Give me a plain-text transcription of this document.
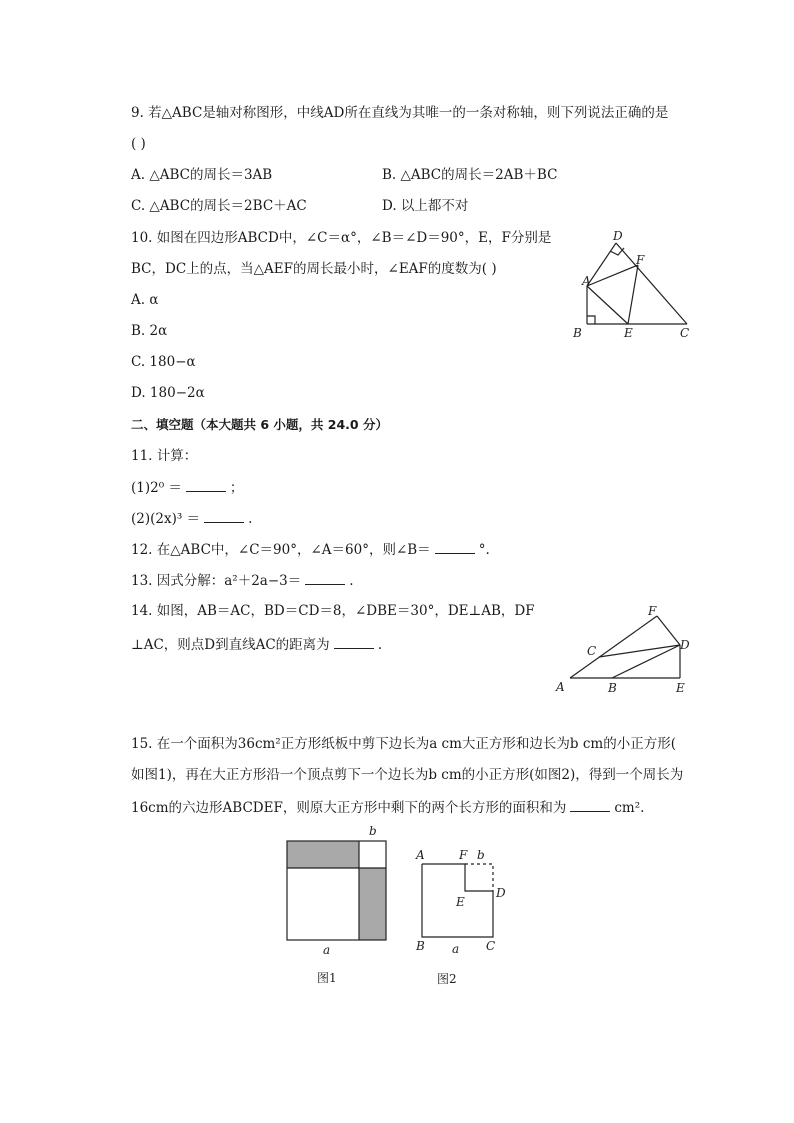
9. 若△ABC是轴对称图形，中线AD所在直线为其唯一的一条对称轴，则下列说法正确的是
( )
A. △ABC的周长＝3AB	B. △ABC的周长＝2AB＋BC
C. △ABC的周长＝2BC＋AC	D. 以上都不对
10. 如图在四边形ABCD中，∠C＝α°，∠B＝∠D＝90°，E，F分别是
BC，DC上的点，当△AEF的周长最小时，∠EAF的度数为( )
A. α
B. 2α
C. 180−α
D. 180−2α
A
B	C
D
E
F
二、填空题（本大题共 6 小题，共 24.0 分）
11. 计算：
(1)2⁰ ＝	；
(2)(2x)³ ＝	.
12. 在△ABC中，∠C＝90°，∠A＝60°，则∠B＝	°.
13. 因式分解：a²＋2a−3＝	.
14. 如图，AB＝AC，BD＝CD＝8，∠DBE＝30°，DE⊥AB，DF
⊥AC，则点D到直线AC的距离为	.
A	B
C	D
E
F
15. 在一个面积为36cm²正方形纸板中剪下边长为a cm大正方形和边长为b cm的小正方形(
如图1)，再在大正方形沿一个顶点剪下一个边长为b cm的小正方形(如图2)，得到一个周长为
16cm的六边形ABCDEF，则原大正方形中剩下的两个长方形的面积和为	cm².
b
a
图1
A	F b
D
E
B a C
图2
